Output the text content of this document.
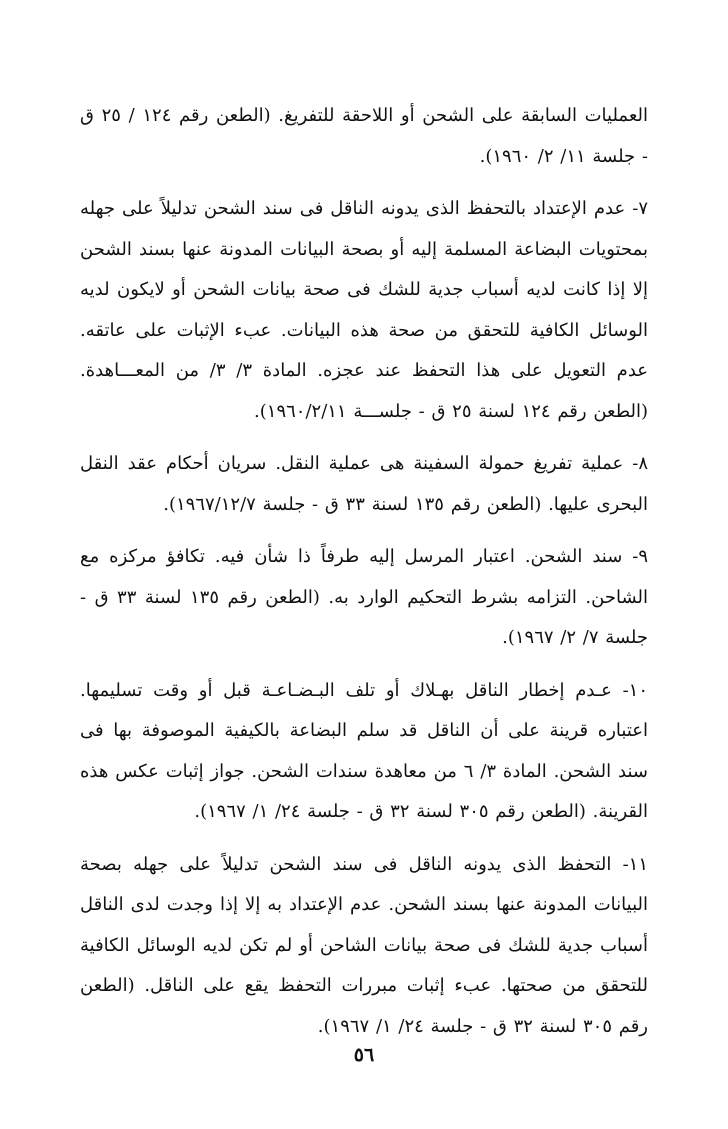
العمليات السابقة على الشحن أو اللاحقة للتفريغ. (الطعن رقم ١٢٤ / ٢٥ ق - جلسة ١١/ ٢/ ١٩٦٠).

٧- عدم الإعتداد بالتحفظ الذى يدونه الناقل فى سند الشحن تدليلاً على جهله بمحتويات البضاعة المسلمة إليه أو بصحة البيانات المدونة عنها بسند الشحن إلا إذا كانت لديه أسباب جدية للشك فى صحة بيانات الشحن أو لايكون لديه الوسائل الكافية للتحقق من صحة هذه البيانات. عبء الإثبات على عاتقه. عدم التعويل على هذا التحفظ عند عجزه. المادة ٣/ ٣/ من المعـــاهدة. (الطعن رقم ١٢٤ لسنة ٢٥ ق - جلســـة ١٩٦٠/٢/١١).

٨- عملية تفريغ حمولة السفينة هى عملية النقل. سريان أحكام عقد النقل البحرى عليها. (الطعن رقم ١٣٥ لسنة ٣٣ ق - جلسة ١٩٦٧/١٢/٧).

٩- سند الشحن. اعتبار المرسل إليه طرفاً ذا شأن فيه. تكافؤ مركزه مع الشاحن. التزامه بشرط التحكيم الوارد به. (الطعن رقم ١٣٥ لسنة ٣٣ ق - جلسة ٧/ ٢/ ١٩٦٧).

١٠- عـدم إخطار الناقل بهـلاك أو تلف البـضـاعـة قبل أو وقت تسليمها. اعتباره قرينة على أن الناقل قد سلم البضاعة بالكيفية الموصوفة بها فى سند الشحن. المادة ٣/ ٦ من معاهدة سندات الشحن. جواز إثبات عكس هذه القرينة. (الطعن رقم ٣٠٥ لسنة ٣٢ ق - جلسة ٢٤/ ١/ ١٩٦٧).

١١- التحفظ الذى يدونه الناقل فى سند الشحن تدليلاً على جهله بصحة البيانات المدونة عنها بسند الشحن. عدم الإعتداد به إلا إذا وجدت لدى الناقل أسباب جدية للشك فى صحة بيانات الشاحن أو لم تكن لديه الوسائل الكافية للتحقق من صحتها. عبء إثبات مبررات التحفظ يقع على الناقل. (الطعن رقم ٣٠٥ لسنة ٣٢ ق - جلسة ٢٤/ ١/ ١٩٦٧).

٥٦
